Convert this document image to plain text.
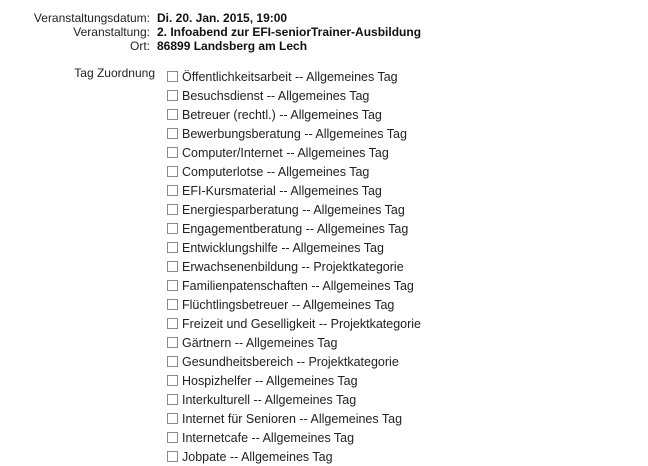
Veranstaltungsdatum: Di. 20. Jan. 2015, 19:00
Veranstaltung: 2. Infoabend zur EFI-seniorTrainer-Ausbildung
Ort: 86899 Landsberg am Lech
Tag Zuordnung Öffentlichkeitsarbeit -- Allgemeines Tag
Besuchsdienst -- Allgemeines Tag
Betreuer (rechtl.) -- Allgemeines Tag
Bewerbungsberatung -- Allgemeines Tag
Computer/Internet -- Allgemeines Tag
Computerlotse -- Allgemeines Tag
EFI-Kursmaterial -- Allgemeines Tag
Energiesparberatung -- Allgemeines Tag
Engagementberatung -- Allgemeines Tag
Entwicklungshilfe -- Allgemeines Tag
Erwachsenenbildung -- Projektkategorie
Familienpatenschaften -- Allgemeines Tag
Flüchtlingsbetreuer -- Allgemeines Tag
Freizeit und Geselligkeit -- Projektkategorie
Gärtnern -- Allgemeines Tag
Gesundheitsbereich -- Projektkategorie
Hospizhelfer -- Allgemeines Tag
Interkulturell -- Allgemeines Tag
Internet für Senioren -- Allgemeines Tag
Internetcafe -- Allgemeines Tag
Jobpate -- Allgemeines Tag
